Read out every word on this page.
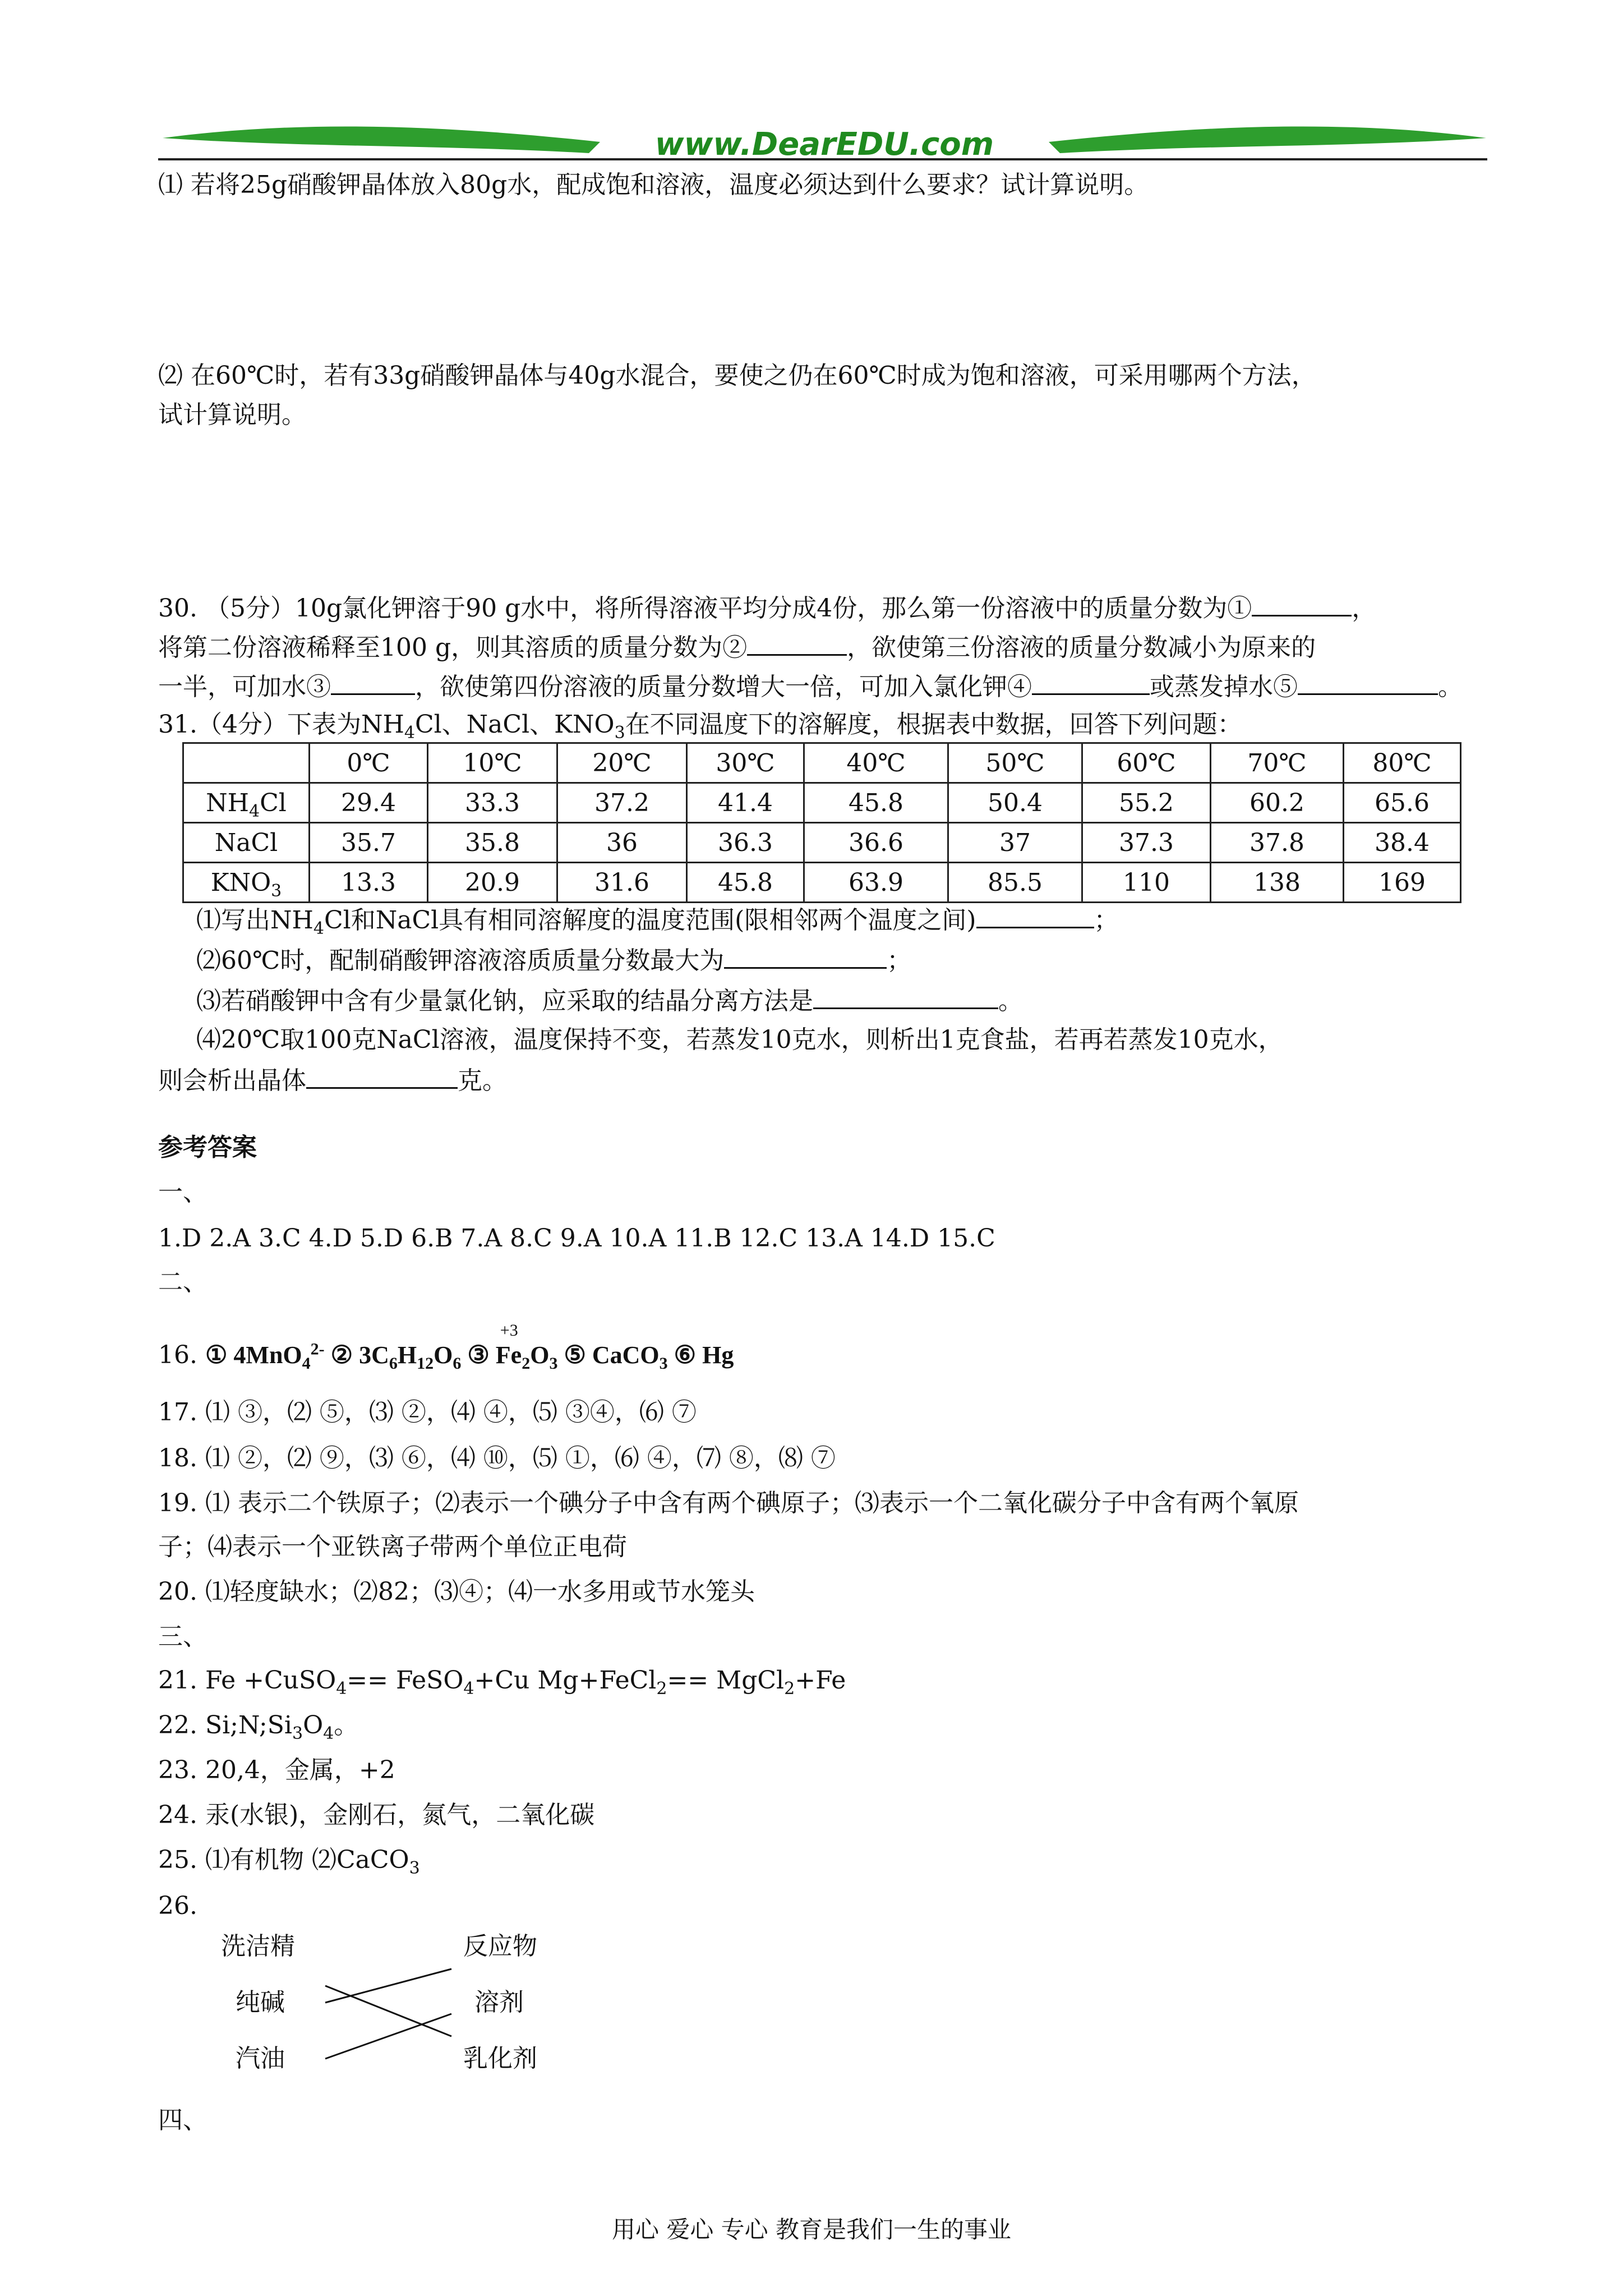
www.DearEDU.com
⑴ 若将25g硝酸钾晶体放入80g水，配成饱和溶液，温度必须达到什么要求？试计算说明。
⑵ 在60℃时，若有33g硝酸钾晶体与40g水混合，要使之仍在60℃时成为饱和溶液，可采用哪两个方法，
试计算说明。
30. （5分）10g氯化钾溶于90 g水中，将所得溶液平均分成4份，那么第一份溶液中的质量分数为①	，
将第二份溶液稀释至100 g，则其溶质的质量分数为②	，欲使第三份溶液的质量分数减小为原来的
一半，可加水③	，欲使第四份溶液的质量分数增大一倍，可加入氯化钾④	或蒸发掉水⑤	。
31.（4分）下表为$NH_4Cl$、NaCl、$KNO_3$在不同温度下的溶解度，根据表中数据，回答下列问题：
	0℃	10℃	20℃	30℃	40℃	50℃	60℃	70℃	80℃
$NH_4Cl$	29.4	33.3	37.2	41.4	45.8	50.4	55.2	60.2	65.6
NaCl	35.7	35.8	36	36.3	36.6	37	37.3	37.8	38.4
$KNO_3$	13.3	20.9	31.6	45.8	63.9	85.5	110	138	169
⑴写出$NH_4Cl$和NaCl具有相同溶解度的温度范围(限相邻两个温度之间)	；
⑵60℃时，配制硝酸钾溶液溶质质量分数最大为	；
⑶若硝酸钾中含有少量氯化钠，应采取的结晶分离方法是	。
⑷20℃取100克NaCl溶液，温度保持不变，若蒸发10克水，则析出1克食盐，若再若蒸发10克水，
则会析出晶体	克。
参考答案
一、
1.D 2.A 3.C 4.D 5.D 6.B 7.A 8.C 9.A 10.A 11.B 12.C 13.A 14.D 15.C
二、
16. ① 4MnO$_4^{2-}$ ② $3C_6H_{12}O_6$ ③
+3
$Fe_2O_3$ ⑤ CaCO$_3$ ⑥ Hg
17. ⑴ ③，⑵ ⑤，⑶ ②，⑷ ④，⑸ ③④，⑹ ⑦
18. ⑴ ②，⑵ ⑨，⑶ ⑥，⑷ ⑩，⑸ ①，⑹ ④，⑺ ⑧，⑻ ⑦
19. ⑴ 表示二个铁原子；⑵表示一个碘分子中含有两个碘原子；⑶表示一个二氧化碳分子中含有两个氧原
子；⑷表示一个亚铁离子带两个单位正电荷
20. ⑴轻度缺水；⑵82；⑶④；⑷一水多用或节水笼头
三、
21. Fe +CuSO$_4$== FeSO$_4$+Cu Mg+FeCl$_2$== MgCl$_2$+Fe
22. $Si;N;Si_3O_4$。
23. 20,4，金属，+2
24. 汞(水银)，金刚石，氮气，二氧化碳
25. ⑴有机物 ⑵CaCO$_3$
26.
洗洁精
纯碱
汽油
反应物
溶剂
乳化剂
四、
用心 爱心 专心 教育是我们一生的事业
